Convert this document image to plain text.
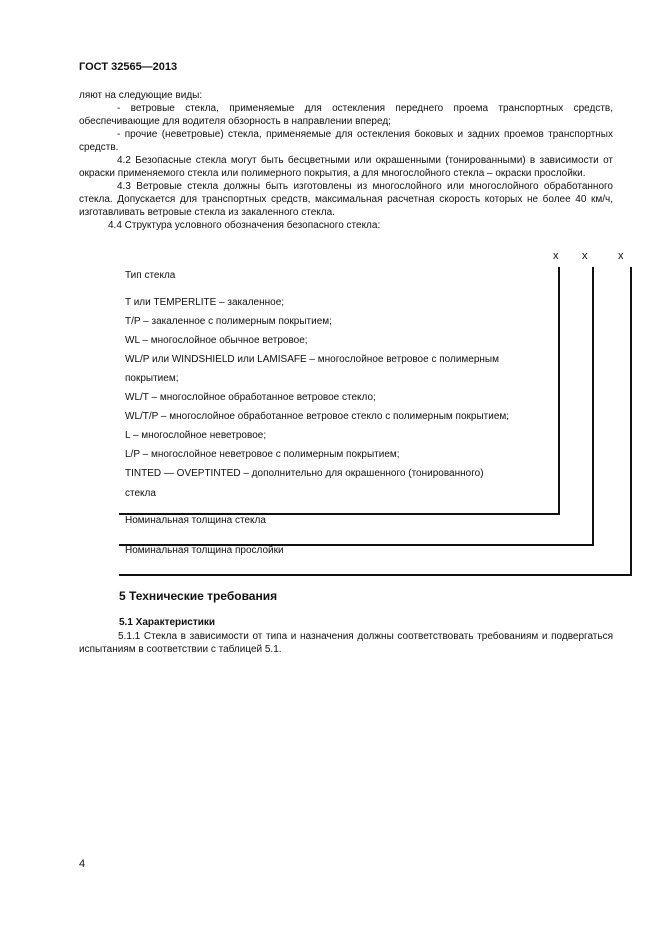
ГОСТ 32565—2013

ляют на следующие виды:

- ветровые стекла, применяемые для остекления переднего проема транспортных средств, обеспечивающие для водителя обзорность в направлении вперед;

- прочие (неветровые) стекла, применяемые для остекления боковых и задних проемов транспортных средств.

4.2 Безопасные стекла могут быть бесцветными или окрашенными (тонированными) в зависимости от окраски применяемого стекла или полимерного покрытия, а для многослойного стекла – окраски прослойки.

4.3 Ветровые стекла должны быть изготовлены из многослойного или многослойного обработанного стекла. Допускается для транспортных средств, максимальная расчетная скорость которых не более 40 км/ч, изготавливать ветровые стекла из закаленного стекла.

4.4 Структура условного обозначения безопасного стекла:

x x	x
Тип стекла
T или TEMPERLITE – закаленное;
T/P – закаленное с полимерным покрытием;
WL – многослойное обычное ветровое;
WL/P или WINDSHIELD или LAMISAFE – многослойное ветровое с полимерным
покрытием;
WL/T – многослойное обработанное ветровое стекло;
WL/T/P – многослойное обработанное ветровое стекло с полимерным покрытием;
L – многослойное неветровое;
L/P – многослойное неветровое с полимерным покрытием;
TINTED — OVEPTINTED – дополнительно для окрашенного (тонированного)
стекла
Номинальная толщина стекла
Номинальная толщина прослойки
5 Технические требования
5.1 Характеристики

5.1.1 Стекла в зависимости от типа и назначения должны соответствовать требованиям и подвергаться испытаниям в соответствии с таблицей 5.1.

4
